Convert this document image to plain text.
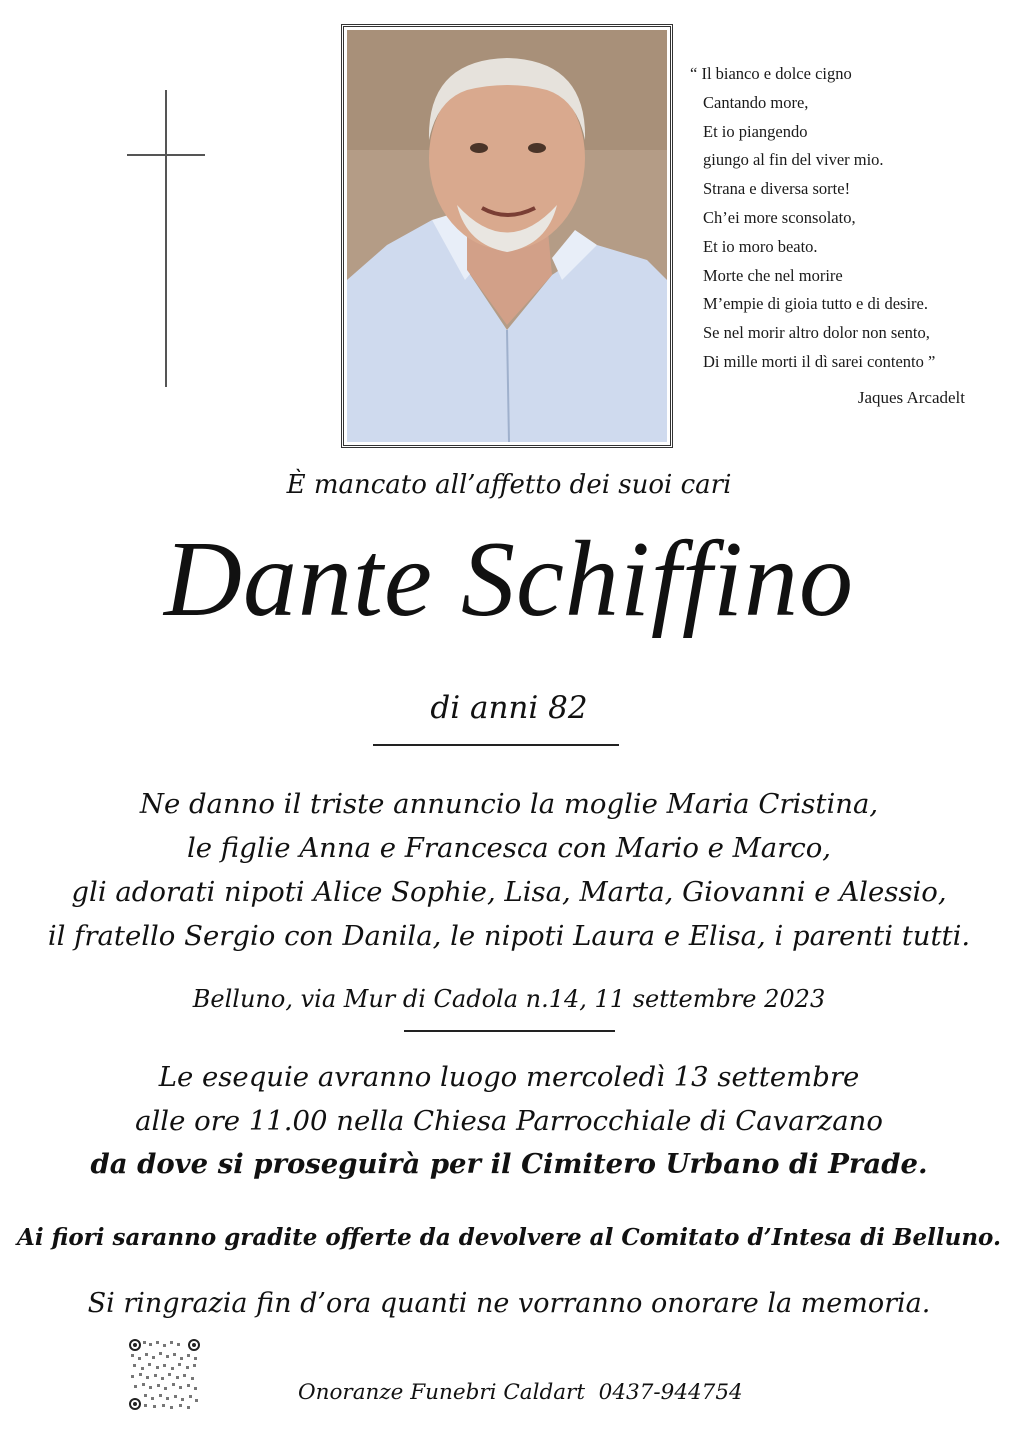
“ Il bianco e dolce cigno
Cantando more,
Et io piangendo
giungo al fin del viver mio.
Strana e diversa sorte!
Ch’ei more sconsolato,
Et io moro beato.
Morte che nel morire
M’empie di gioia tutto e di desire.
Se nel morir altro dolor non sento,
Di mille morti il dì sarei contento ”
Jaques Arcadelt
È mancato all’affetto dei suoi cari
Dante Schiffino
di anni 82
Ne danno il triste annuncio la moglie Maria Cristina,
le figlie Anna e Francesca con Mario e Marco,
gli adorati nipoti Alice Sophie, Lisa, Marta, Giovanni e Alessio,
il fratello Sergio con Danila, le nipoti Laura e Elisa, i parenti tutti.
Belluno, via Mur di Cadola n.14, 11 settembre 2023
Le esequie avranno luogo mercoledì 13 settembre
alle ore 11.00 nella Chiesa Parrocchiale di Cavarzano
da dove si proseguirà per il Cimitero Urbano di Prade.
Ai fiori saranno gradite offerte da devolvere al Comitato d’Intesa di Belluno.
Si ringrazia fin d’ora quanti ne vorranno onorare la memoria.
Onoranze Funebri Caldart 0437-944754
